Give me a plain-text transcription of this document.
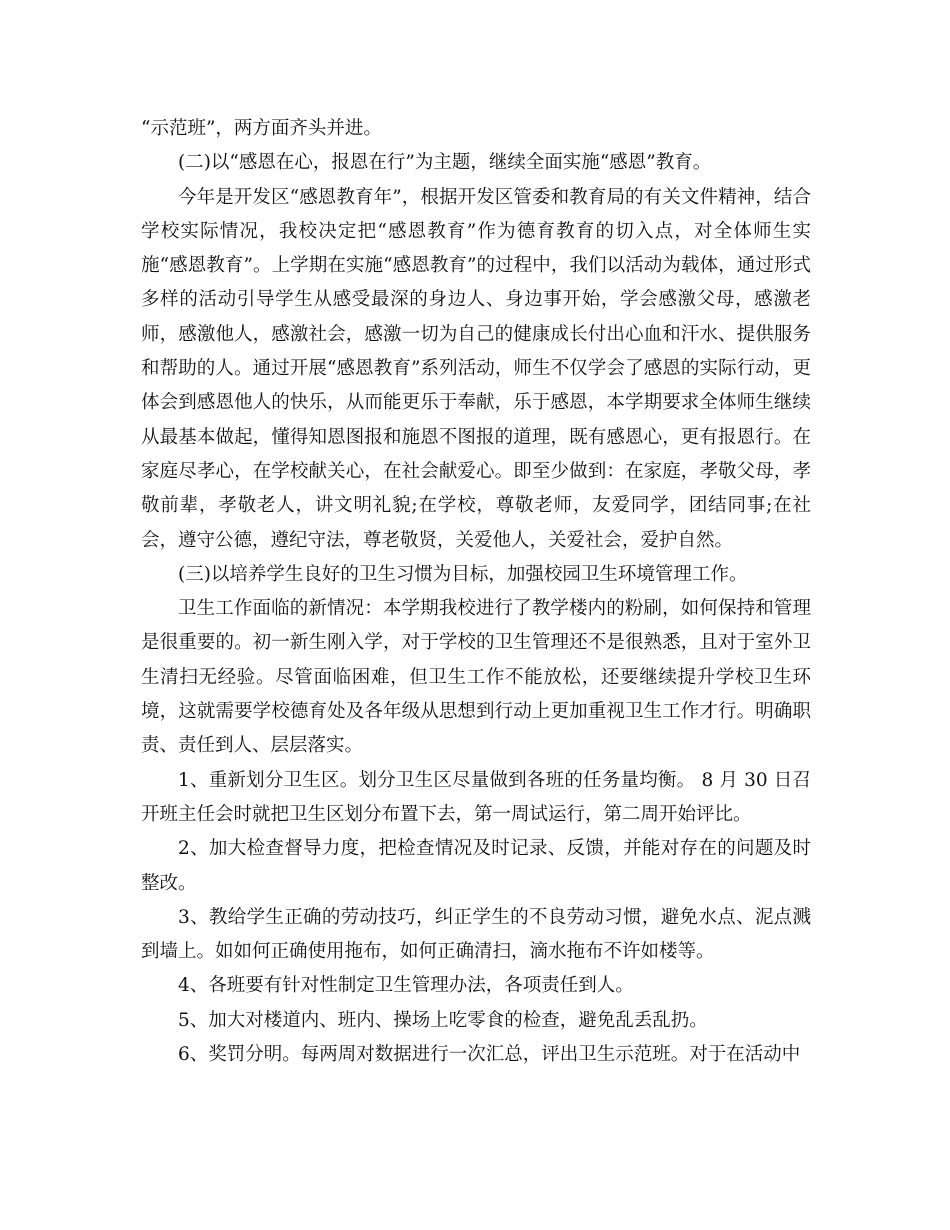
“示范班”，两方面齐头并进。

(二)以“感恩在心，报恩在行”为主题，继续全面实施“感恩”教育。

今年是开发区“感恩教育年”，根据开发区管委和教育局的有关文件精神，结合学校实际情况，我校决定把“感恩教育”作为德育教育的切入点，对全体师生实施“感恩教育”。上学期在实施“感恩教育”的过程中，我们以活动为载体，通过形式多样的活动引导学生从感受最深的身边人、身边事开始，学会感激父母，感激老师，感激他人，感激社会，感激一切为自己的健康成长付出心血和汗水、提供服务和帮助的人。通过开展“感恩教育”系列活动，师生不仅学会了感恩的实际行动，更体会到感恩他人的快乐，从而能更乐于奉献，乐于感恩，本学期要求全体师生继续从最基本做起，懂得知恩图报和施恩不图报的道理，既有感恩心，更有报恩行。在家庭尽孝心，在学校献关心，在社会献爱心。即至少做到：在家庭，孝敬父母，孝敬前辈，孝敬老人，讲文明礼貌;在学校，尊敬老师，友爱同学，团结同事;在社会，遵守公德，遵纪守法，尊老敬贤，关爱他人，关爱社会，爱护自然。

(三)以培养学生良好的卫生习惯为目标，加强校园卫生环境管理工作。

卫生工作面临的新情况：本学期我校进行了教学楼内的粉刷，如何保持和管理是很重要的。初一新生刚入学，对于学校的卫生管理还不是很熟悉，且对于室外卫生清扫无经验。尽管面临困难，但卫生工作不能放松，还要继续提升学校卫生环境，这就需要学校德育处及各年级从思想到行动上更加重视卫生工作才行。明确职责、责任到人、层层落实。

1、重新划分卫生区。划分卫生区尽量做到各班的任务量均衡。 8 月 30 日召开班主任会时就把卫生区划分布置下去，第一周试运行，第二周开始评比。

2、加大检查督导力度，把检查情况及时记录、反馈，并能对存在的问题及时整改。

3、教给学生正确的劳动技巧，纠正学生的不良劳动习惯，避免水点、泥点溅到墙上。如如何正确使用拖布，如何正确清扫，滴水拖布不许如楼等。

4、各班要有针对性制定卫生管理办法，各项责任到人。

5、加大对楼道内、班内、操场上吃零食的检查，避免乱丢乱扔。

6、奖罚分明。每两周对数据进行一次汇总，评出卫生示范班。对于在活动中
